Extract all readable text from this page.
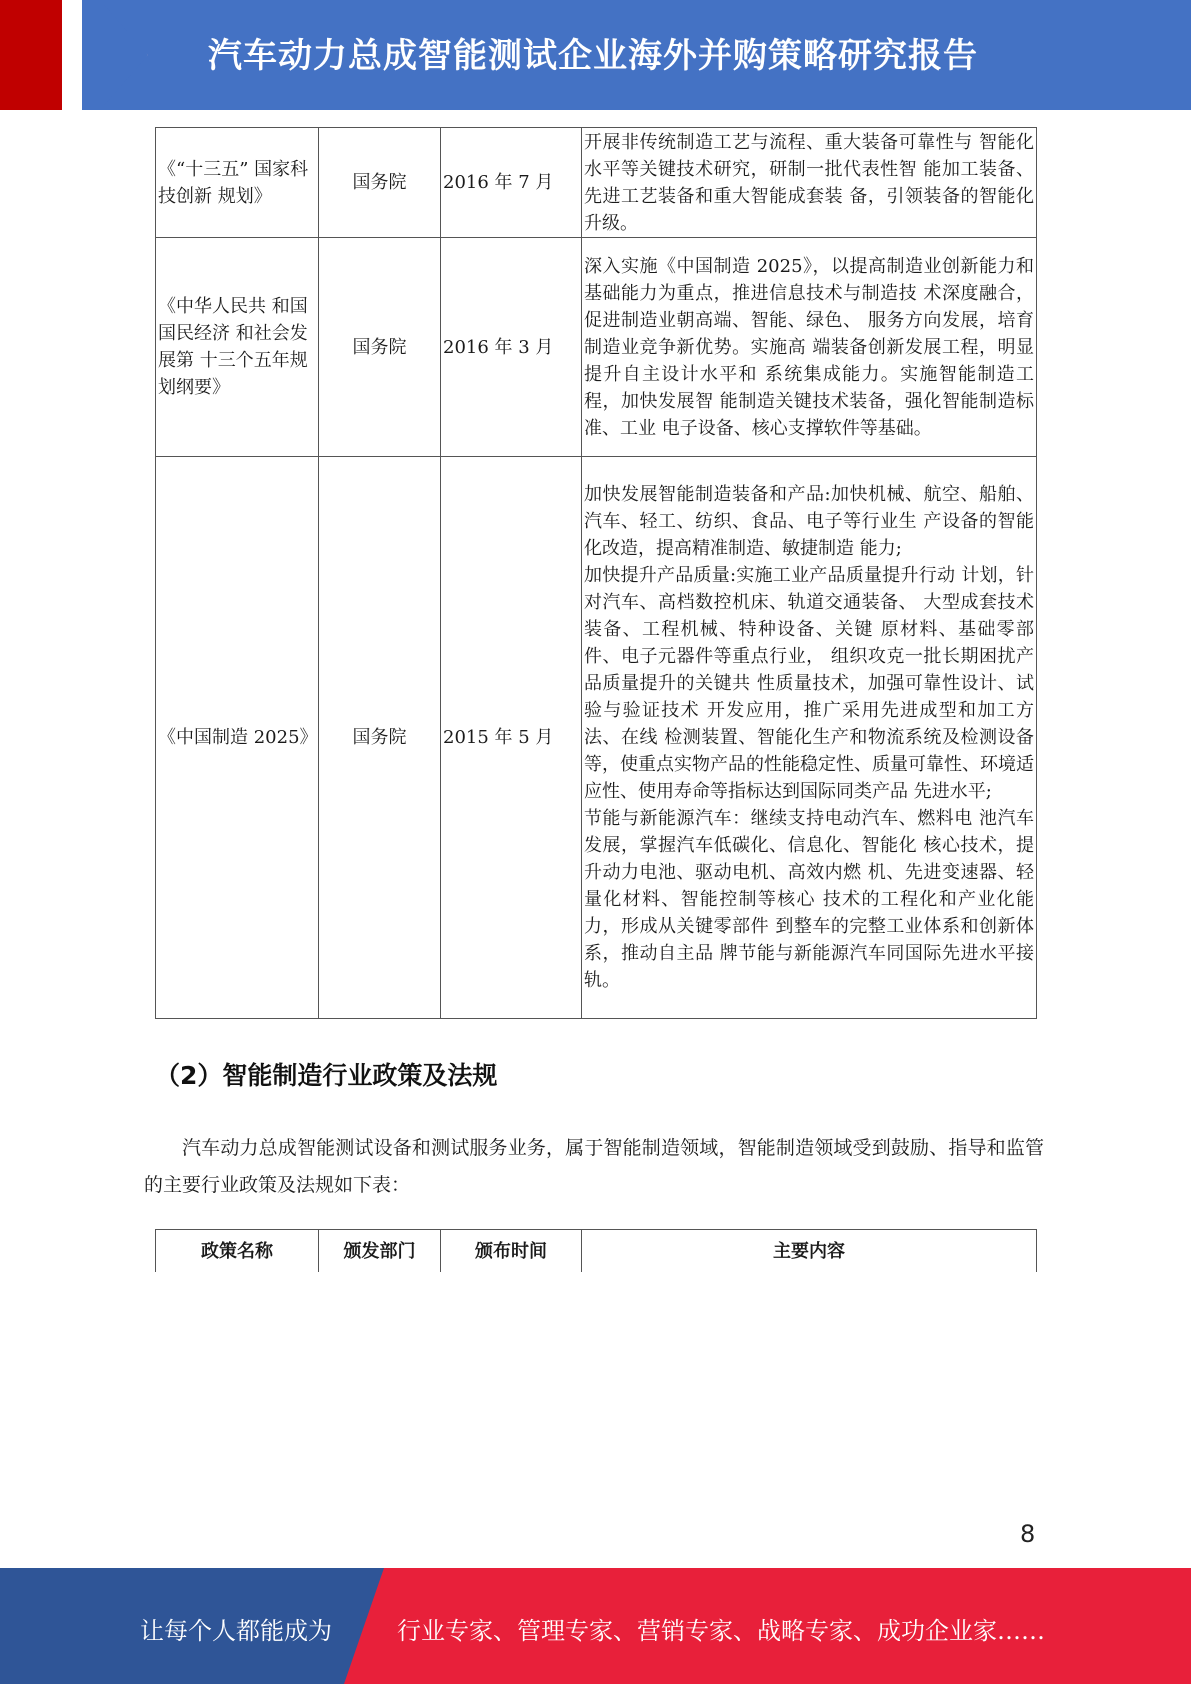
汽车动力总成智能测试企业海外并购策略研究报告
《“十三五” 国家科技创新 规划》	国务院	2016 年 7 月	开展非传统制造工艺与流程、重大装备可靠性与 智能化水平等关键技术研究，研制一批代表性智 能加工装备、先进工艺装备和重大智能成套装 备，引领装备的智能化升级。

《中华人民共 和国国民经济 和社会发展第 十三个五年规 划纲要》	国务院	2016 年 3 月	深入实施《中国制造 2025》，以提高制造业创新能力和基础能力为重点，推进信息技术与制造技 术深度融合，促进制造业朝高端、智能、绿色、 服务方向发展，培育制造业竞争新优势。实施高 端装备创新发展工程，明显提升自主设计水平和 系统集成能力。实施智能制造工程，加快发展智 能制造关键技术装备，强化智能制造标准、工业 电子设备、核心支撑软件等基础。

《中国制造 2025》	国务院	2015 年 5 月	加快发展智能制造装备和产品:加快机械、航空、船舶、汽车、轻工、纺织、食品、电子等行业生 产设备的智能化改造，提高精准制造、敏捷制造 能力;
加快提升产品质量:实施工业产品质量提升行动 计划，针对汽车、高档数控机床、轨道交通装备、 大型成套技术装备、工程机械、特种设备、关键 原材料、基础零部件、电子元器件等重点行业， 组织攻克一批长期困扰产品质量提升的关键共 性质量技术，加强可靠性设计、试验与验证技术 开发应用，推广采用先进成型和加工方法、在线 检测装置、智能化生产和物流系统及检测设备 等，使重点实物产品的性能稳定性、质量可靠性、环境适应性、使用寿命等指标达到国际同类产品 先进水平;
节能与新能源汽车：继续支持电动汽车、燃料电 池汽车发展，掌握汽车低碳化、信息化、智能化 核心技术，提升动力电池、驱动电机、高效内燃 机、先进变速器、轻量化材料、智能控制等核心 技术的工程化和产业化能力，形成从关键零部件 到整车的完整工业体系和创新体系，推动自主品 牌节能与新能源汽车同国际先进水平接轨。
（2）智能制造行业政策及法规
汽车动力总成智能测试设备和测试服务业务，属于智能制造领域，智能制造领域受到鼓励、指导和监管的主要行业政策及法规如下表：
政策名称	颁发部门	颁布时间	主要内容
8
让每个人都能成为	行业专家、管理专家、营销专家、战略专家、成功企业家……
